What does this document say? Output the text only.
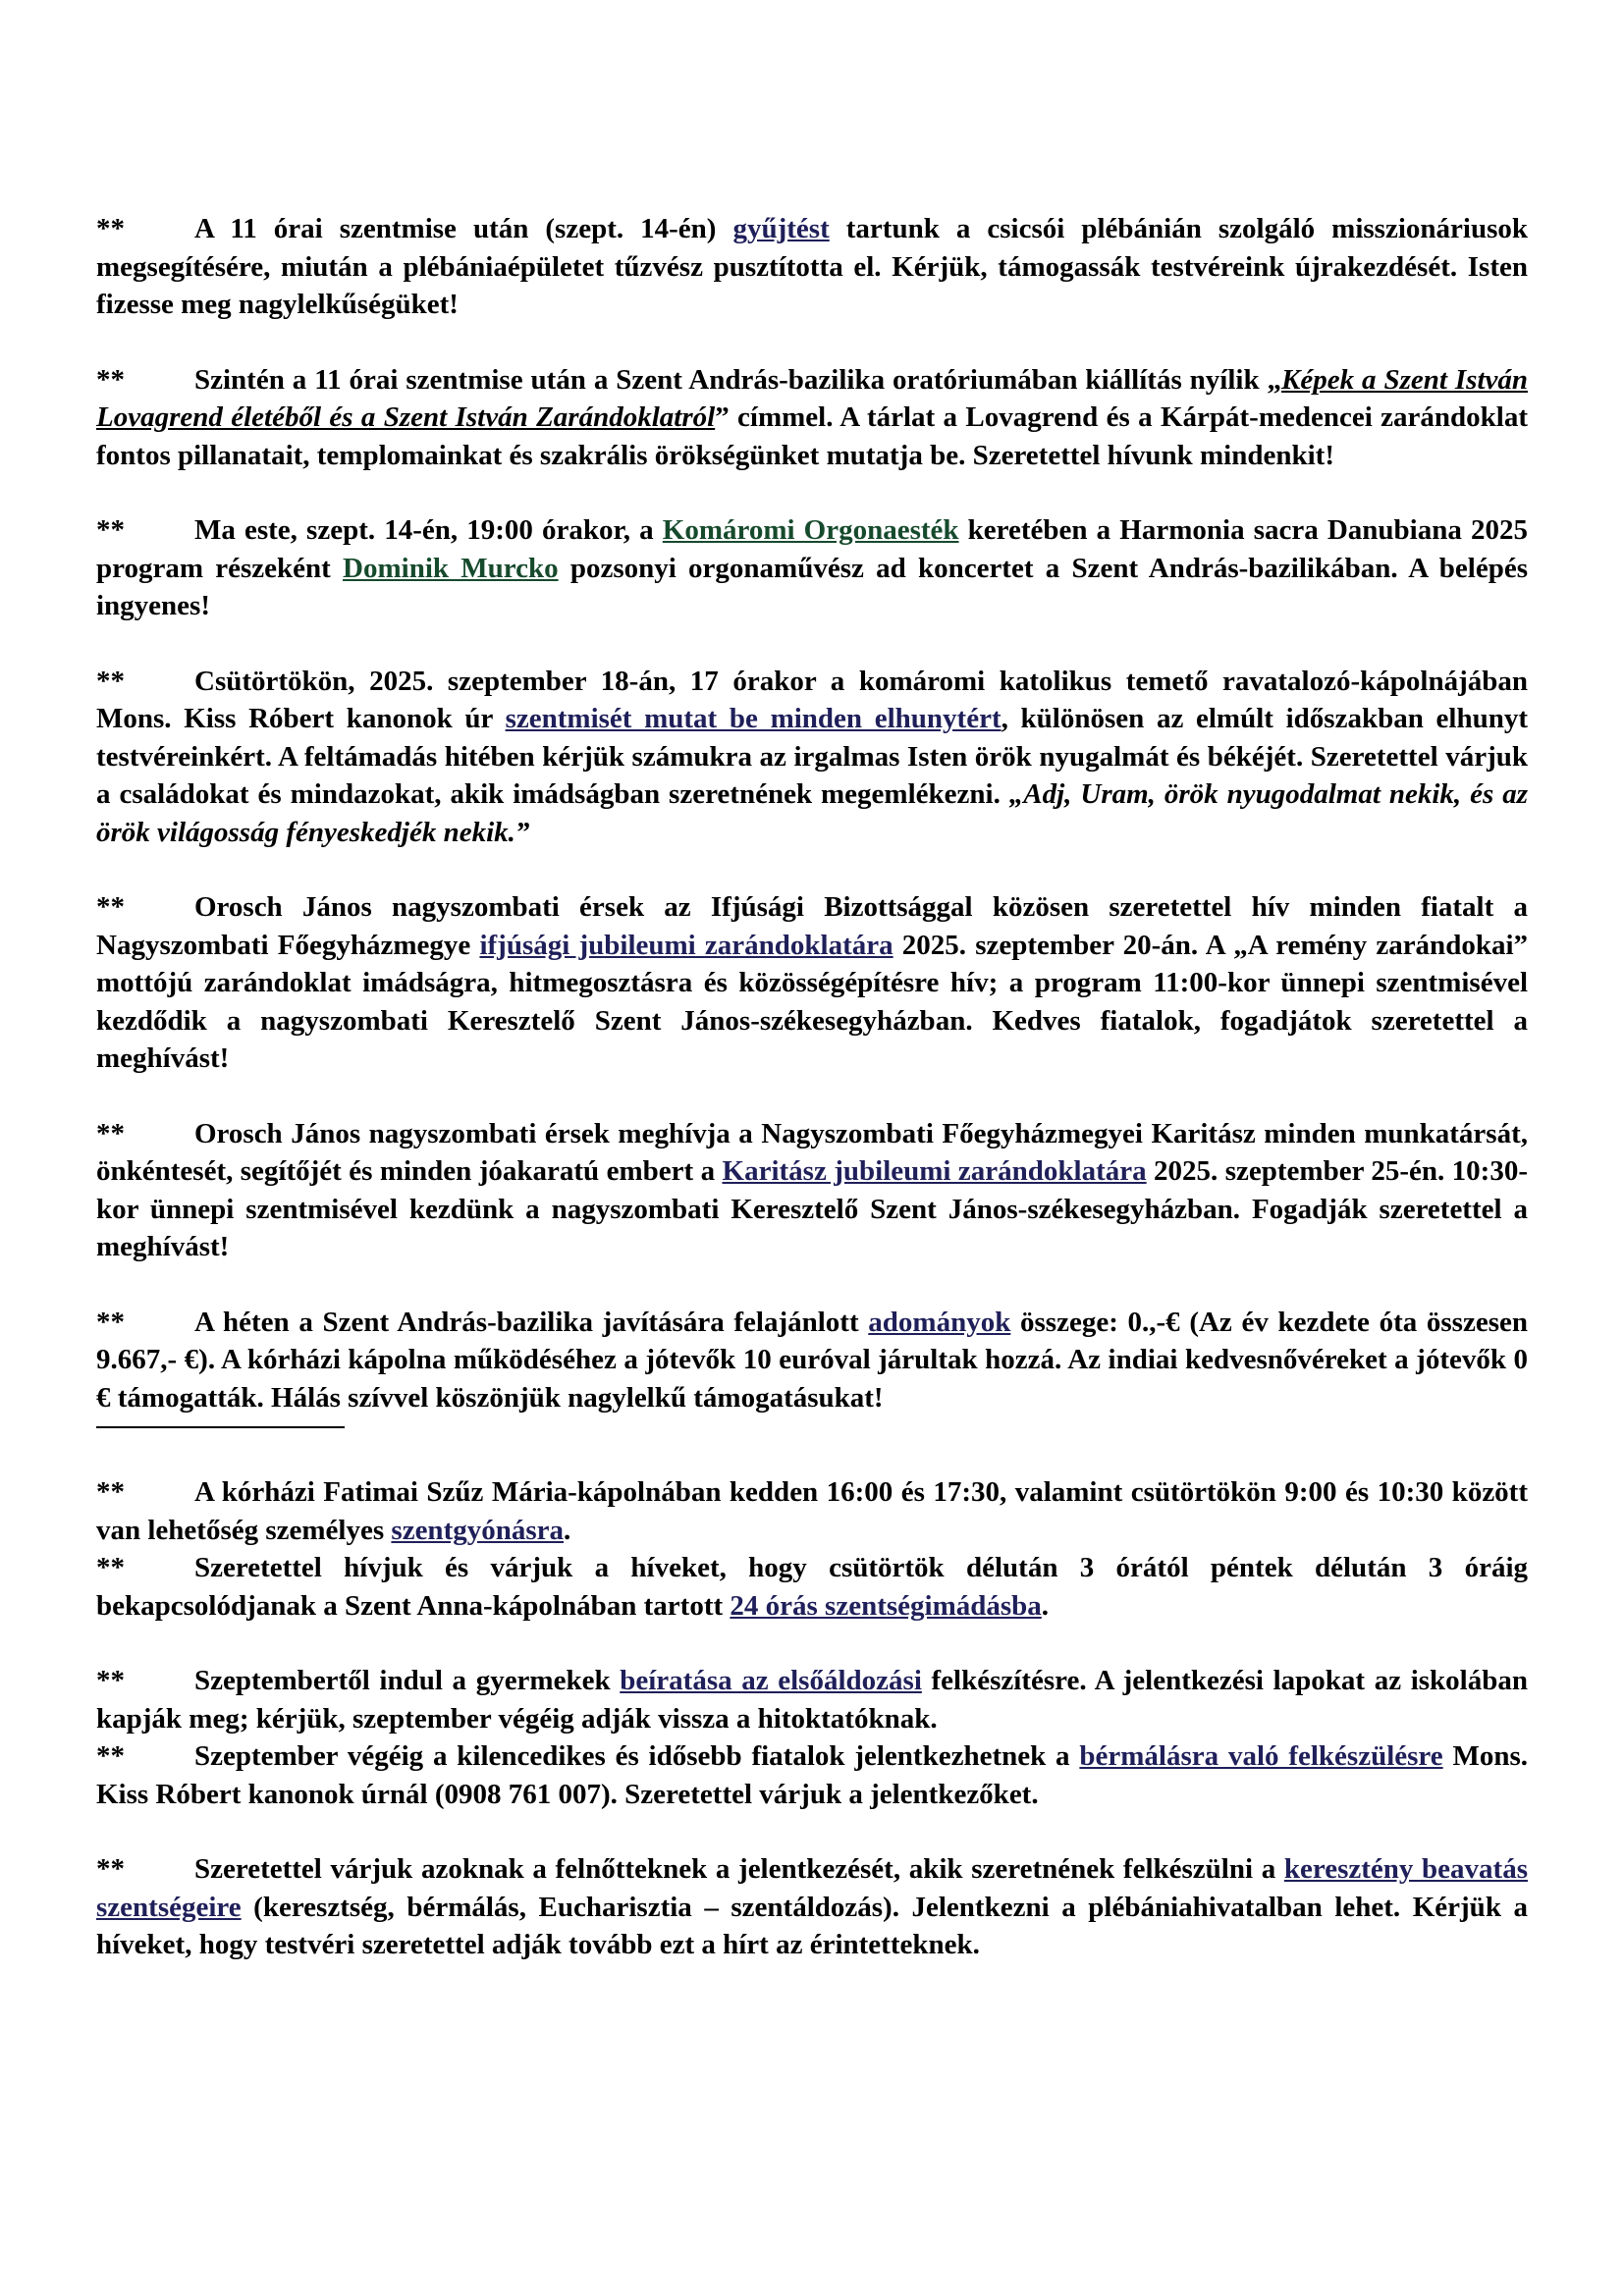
** A 11 órai szentmise után (szept. 14-én) gyűjtést tartunk a csicsói plébánián szolgáló misszionáriusok megsegítésére, miután a plébániaépületet tűzvész pusztította el. Kérjük, támogassák testvéreink újrakezdését. Isten fizesse meg nagylelkűségüket!

** Szintén a 11 órai szentmise után a Szent András-bazilika oratóriumában kiállítás nyílik „Képek a Szent István Lovagrend életéből és a Szent István Zarándoklatról” címmel. A tárlat a Lovagrend és a Kárpát-medencei zarándoklat fontos pillanatait, templomainkat és szakrális örökségünket mutatja be. Szeretettel hívunk mindenkit!

** Ma este, szept. 14-én, 19:00 órakor, a Komáromi Orgonaesték keretében a Harmonia sacra Danubiana 2025 program részeként Dominik Murcko pozsonyi orgonaművész ad koncertet a Szent András-bazilikában. A belépés ingyenes!

** Csütörtökön, 2025. szeptember 18-án, 17 órakor a komáromi katolikus temető ravatalozó-kápolnájában Mons. Kiss Róbert kanonok úr szentmisét mutat be minden elhunytért, különösen az elmúlt időszakban elhunyt testvéreinkért. A feltámadás hitében kérjük számukra az irgalmas Isten örök nyugalmát és békéjét. Szeretettel várjuk a családokat és mindazokat, akik imádságban szeretnének megemlékezni. „Adj, Uram, örök nyugodalmat nekik, és az örök világosság fényeskedjék nekik.”

** Orosch János nagyszombati érsek az Ifjúsági Bizottsággal közösen szeretettel hív minden fiatalt a Nagyszombati Főegyházmegye ifjúsági jubileumi zarándoklatára 2025. szeptember 20-án. A „A remény zarándokai” mottójú zarándoklat imádságra, hitmegosztásra és közösségépítésre hív; a program 11:00-kor ünnepi szentmisével kezdődik a nagyszombati Keresztelő Szent János-székesegyházban. Kedves fiatalok, fogadjátok szeretettel a meghívást!

** Orosch János nagyszombati érsek meghívja a Nagyszombati Főegyházmegyei Karitász minden munkatársát, önkéntesét, segítőjét és minden jóakaratú embert a Karitász jubileumi zarándoklatára 2025. szeptember 25-én. 10:30-kor ünnepi szentmisével kezdünk a nagyszombati Keresztelő Szent János-székesegyházban. Fogadják szeretettel a meghívást!

** A héten a Szent András-bazilika javítására felajánlott adományok összege: 0.,-€ (Az év kezdete óta összesen 9.667,- €). A kórházi kápolna működéséhez a jótevők 10 euróval járultak hozzá. Az indiai kedvesnővéreket a jótevők 0 € támogatták. Hálás szívvel köszönjük nagylelkű támogatásukat!

** A kórházi Fatimai Szűz Mária-kápolnában kedden 16:00 és 17:30, valamint csütörtökön 9:00 és 10:30 között van lehetőség személyes szentgyónásra.

** Szeretettel hívjuk és várjuk a híveket, hogy csütörtök délután 3 órától péntek délután 3 óráig bekapcsolódjanak a Szent Anna-kápolnában tartott 24 órás szentségimádásba.

** Szeptembertől indul a gyermekek beíratása az elsőáldozási felkészítésre. A jelentkezési lapokat az iskolában kapják meg; kérjük, szeptember végéig adják vissza a hitoktatóknak.

** Szeptember végéig a kilencedikes és idősebb fiatalok jelentkezhetnek a bérmálásra való felkészülésre Mons. Kiss Róbert kanonok úrnál (0908 761 007). Szeretettel várjuk a jelentkezőket.

** Szeretettel várjuk azoknak a felnőtteknek a jelentkezését, akik szeretnének felkészülni a keresztény beavatás szentségeire (keresztség, bérmálás, Eucharisztia – szentáldozás). Jelentkezni a plébániahivatalban lehet. Kérjük a híveket, hogy testvéri szeretettel adják tovább ezt a hírt az érintetteknek.
